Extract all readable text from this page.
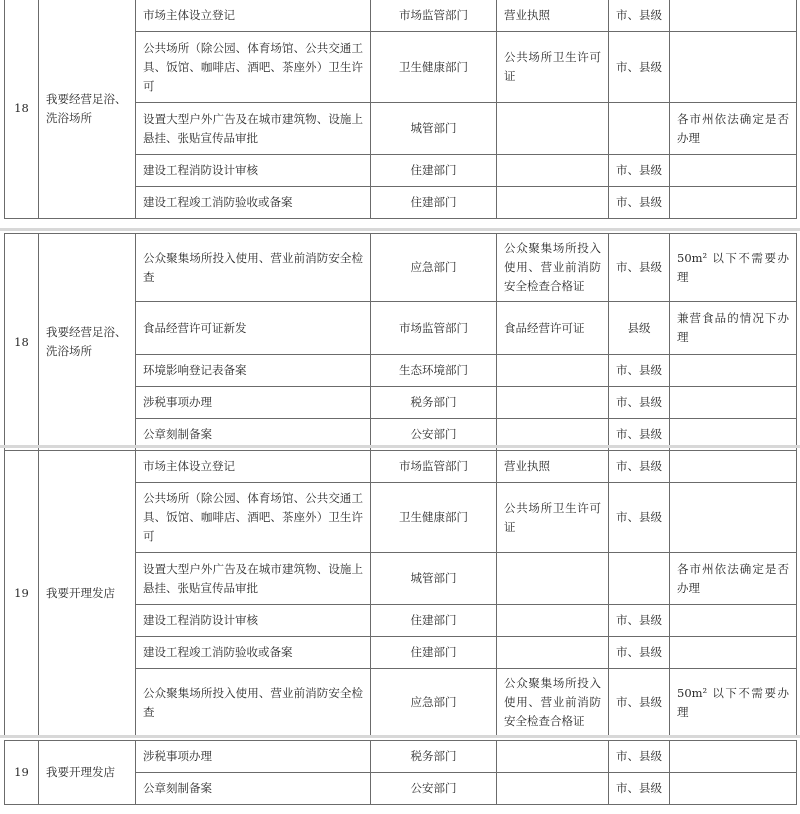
18	我要经营足浴、洗浴场所	市场主体设立登记	市场监管部门	营业执照	市、县级	
		公共场所（除公园、体育场馆、公共交通工具、饭馆、咖啡店、酒吧、茶座外）卫生许可	卫生健康部门	公共场所卫生许可证	市、县级	
		设置大型户外广告及在城市建筑物、设施上悬挂、张贴宣传品审批	城管部门			各市州依法确定是否办理
		建设工程消防设计审核	住建部门		市、县级	
		建设工程竣工消防验收或备案	住建部门		市、县级	
18	我要经营足浴、洗浴场所	公众聚集场所投入使用、营业前消防安全检查	应急部门	公众聚集场所投入使用、营业前消防安全检查合格证	市、县级	50m² 以下不需要办理
		食品经营许可证新发	市场监管部门	食品经营许可证	县级	兼营食品的情况下办理
		环境影响登记表备案	生态环境部门		市、县级	
		涉税事项办理	税务部门		市、县级	
		公章刻制备案	公安部门		市、县级	
19	我要开理发店	市场主体设立登记	市场监管部门	营业执照	市、县级	
		公共场所（除公园、体育场馆、公共交通工具、饭馆、咖啡店、酒吧、茶座外）卫生许可	卫生健康部门	公共场所卫生许可证	市、县级	
		设置大型户外广告及在城市建筑物、设施上悬挂、张贴宣传品审批	城管部门			各市州依法确定是否办理
		建设工程消防设计审核	住建部门		市、县级	
		建设工程竣工消防验收或备案	住建部门		市、县级	
		公众聚集场所投入使用、营业前消防安全检查	应急部门	公众聚集场所投入使用、营业前消防安全检查合格证	市、县级	50m² 以下不需要办理
19	我要开理发店	涉税事项办理	税务部门		市、县级	
		公章刻制备案	公安部门		市、县级	
